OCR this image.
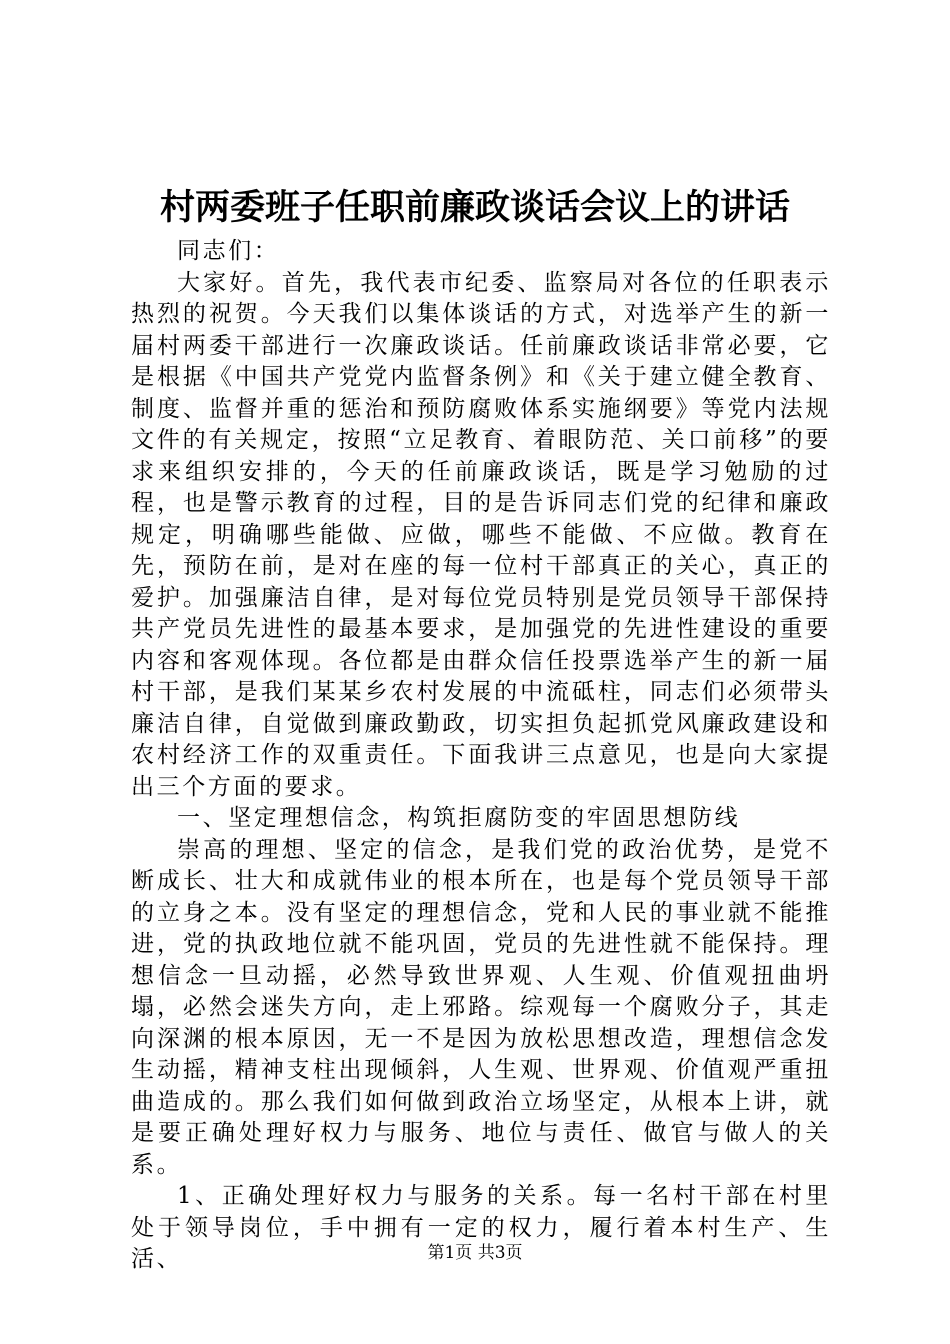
村两委班子任职前廉政谈话会议上的讲话

同志们：

大家好。首先，我代表市纪委、监察局对各位的任职表示热烈的祝贺。今天我们以集体谈话的方式，对选举产生的新一届村两委干部进行一次廉政谈话。任前廉政谈话非常必要，它是根据《中国共产党党内监督条例》和《关于建立健全教育、制度、监督并重的惩治和预防腐败体系实施纲要》等党内法规文件的有关规定，按照“立足教育、着眼防范、关口前移”的要求来组织安排的，今天的任前廉政谈话，既是学习勉励的过程，也是警示教育的过程，目的是告诉同志们党的纪律和廉政规定，明确哪些能做、应做，哪些不能做、不应做。教育在先，预防在前，是对在座的每一位村干部真正的关心，真正的爱护。加强廉洁自律，是对每位党员特别是党员领导干部保持共产党员先进性的最基本要求，是加强党的先进性建设的重要内容和客观体现。各位都是由群众信任投票选举产生的新一届村干部，是我们某某乡农村发展的中流砥柱，同志们必须带头廉洁自律，自觉做到廉政勤政，切实担负起抓党风廉政建设和农村经济工作的双重责任。下面我讲三点意见，也是向大家提出三个方面的要求。

一、坚定理想信念，构筑拒腐防变的牢固思想防线

崇高的理想、坚定的信念，是我们党的政治优势，是党不断成长、壮大和成就伟业的根本所在，也是每个党员领导干部的立身之本。没有坚定的理想信念，党和人民的事业就不能推进，党的执政地位就不能巩固，党员的先进性就不能保持。理想信念一旦动摇，必然导致世界观、人生观、价值观扭曲坍塌，必然会迷失方向，走上邪路。综观每一个腐败分子，其走向深渊的根本原因，无一不是因为放松思想改造，理想信念发生动摇，精神支柱出现倾斜，人生观、世界观、价值观严重扭曲造成的。那么我们如何做到政治立场坚定，从根本上讲，就是要正确处理好权力与服务、地位与责任、做官与做人的关系。

1、正确处理好权力与服务的关系。每一名村干部在村里处于领导岗位，手中拥有一定的权力，履行着本村生产、生活、	第1页 共3页
